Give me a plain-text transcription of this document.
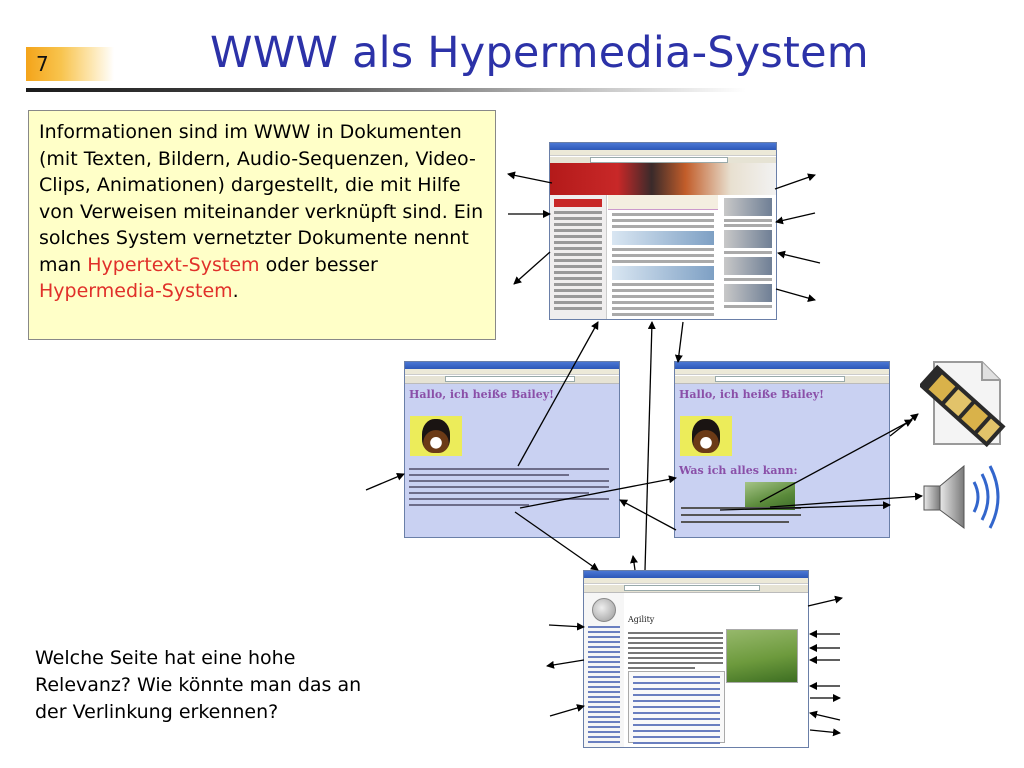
7	WWW als Hypermedia-System
Informationen sind im WWW in Dokumenten (mit Texten, Bildern, Audio-Sequenzen, Video-Clips, Animationen) dargestellt, die mit Hilfe von Verweisen miteinander verknüpft sind. Ein solches System vernetzter Dokumente nennt man Hypertext-System oder besser Hypermedia-System.
Welche Seite hat eine hohe Relevanz? Wie könnte man das an der Verlinkung erkennen?
Hallo, ich heiße Bailey!	Hallo, ich heiße Bailey!
Was ich alles kann:
Agility
